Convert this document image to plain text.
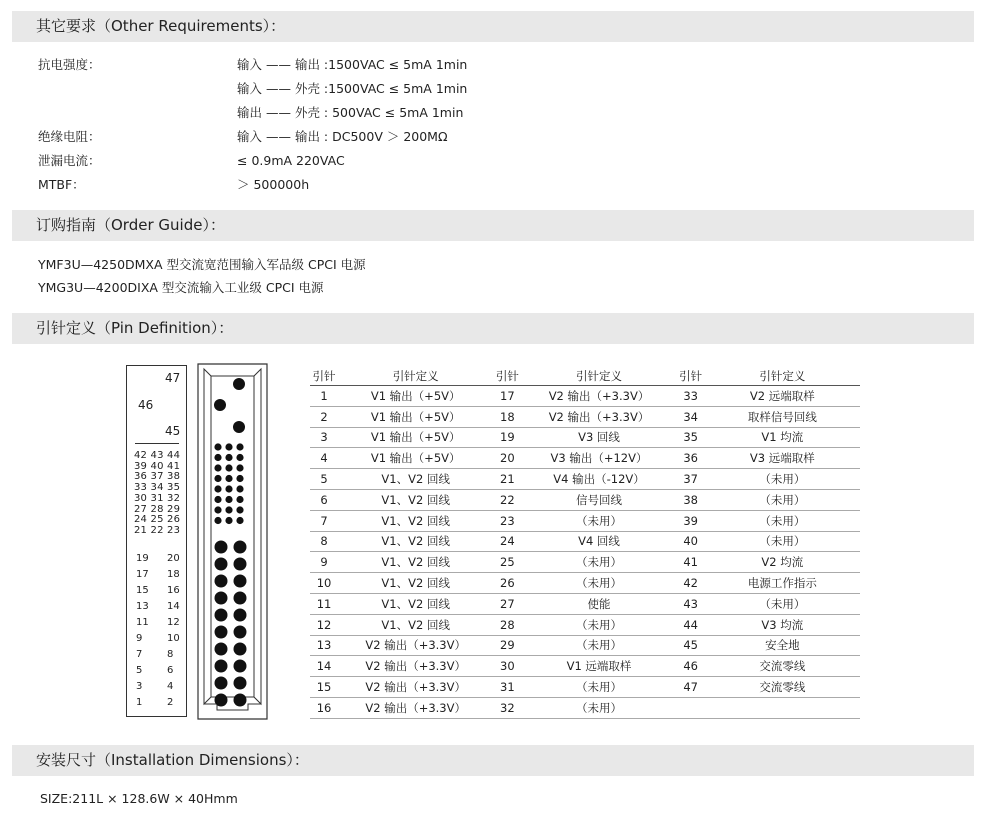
其它要求（Other Requirements）：
抗电强度：	输入 —— 输出 :1500VAC ≤ 5mA 1min
输入 —— 外壳 :1500VAC ≤ 5mA 1min
输出 —— 外壳 : 500VAC ≤ 5mA 1min
绝缘电阻：	输入 —— 输出 : DC500V ＞ 200MΩ
泄漏电流：	≤ 0.9mA 220VAC
MTBF：	＞ 500000h
订购指南（Order Guide）：
YMF3U—4250DMXA 型交流宽范围输入军品级 CPCI 电源
YMG3U—4200DIXA 型交流输入工业级 CPCI 电源
引针定义（Pin Definition）：
47
46
45
42 43 44
39 40 41
36 37 38
33 34 35
30 31 32
27 28 29
24 25 26
21 22 23
19 20
17 18
15 16
13 14
11 12
9 10
7 8
5 6
3 4
1 2
引针	引针定义		引针	引针定义		引针	引针定义
1	V1 输出（+5V）		17	V2 输出（+3.3V）		33	V2 远端取样
2	V1 输出（+5V）		18	V2 输出（+3.3V）		34	取样信号回线
3	V1 输出（+5V）		19	V3 回线		35	V1 均流
4	V1 输出（+5V）		20	V3 输出（+12V）		36	V3 远端取样
5	V1、V2 回线		21	V4 输出（-12V）		37	（未用）
6	V1、V2 回线		22	信号回线		38	（未用）
7	V1、V2 回线		23	（未用）		39	（未用）
8	V1、V2 回线		24	V4 回线		40	（未用）
9	V1、V2 回线		25	（未用）		41	V2 均流
10	V1、V2 回线		26	（未用）		42	电源工作指示
11	V1、V2 回线		27	使能		43	（未用）
12	V1、V2 回线		28	（未用）		44	V3 均流
13	V2 输出（+3.3V）		29	（未用）		45	安全地
14	V2 输出（+3.3V）		30	V1 远端取样		46	交流零线
15	V2 输出（+3.3V）		31	（未用）		47	交流零线
16	V2 输出（+3.3V）		32	（未用）			
安装尺寸（Installation Dimensions）：
SIZE:211L × 128.6W × 40Hmm
